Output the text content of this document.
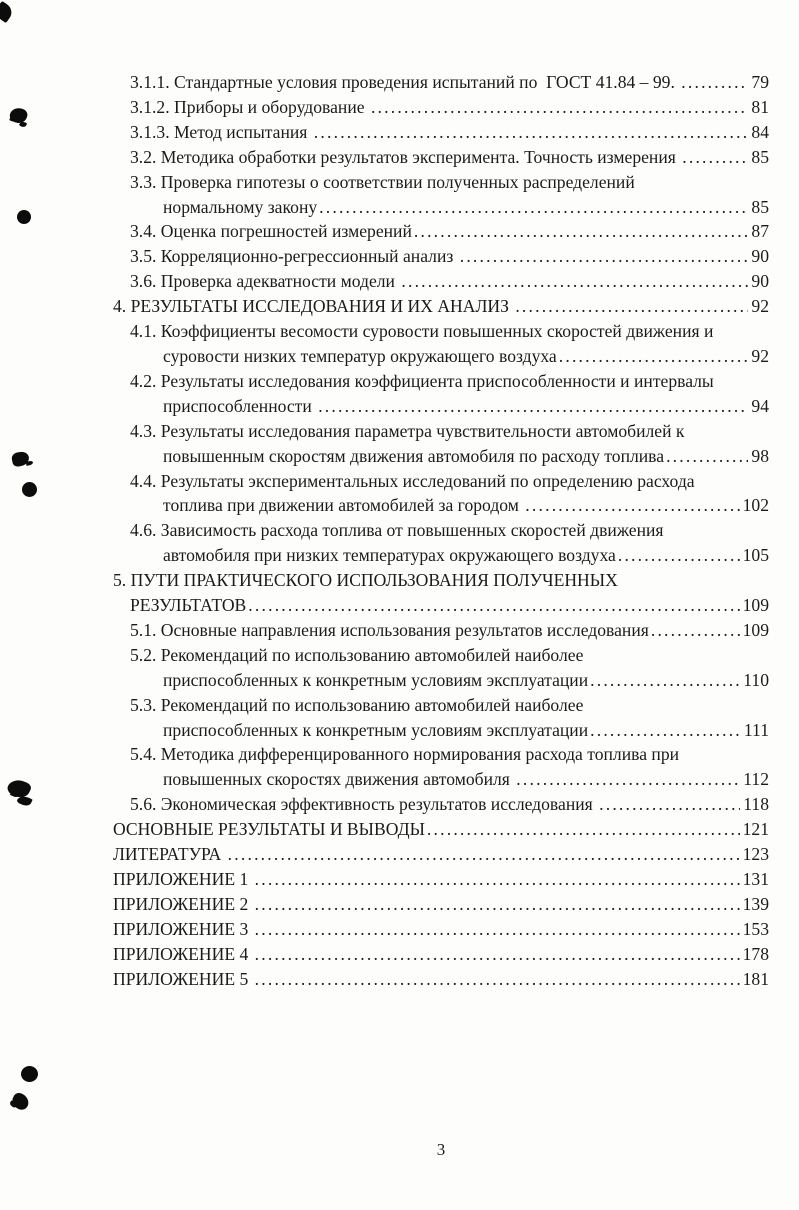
3.1.1. Стандартные условия проведения испытаний по  ГОСТ 41.84 – 99. .....	79
3.1.2. Приборы и оборудование .....	81
3.1.3. Метод испытания .....	84
3.2. Методика обработки результатов эксперимента. Точность измерения .....	85
3.3. Проверка гипотезы о соответствии полученных распределений
нормальному закону .....	85
3.4. Оценка погрешностей измерений .....	87
3.5. Корреляционно-регрессионный анализ .....	90
3.6. Проверка адекватности модели .....	90
4. РЕЗУЛЬТАТЫ ИССЛЕДОВАНИЯ И ИХ АНАЛИЗ .....	92
4.1. Коэффициенты весомости суровости повышенных скоростей движения и
суровости низких температур окружающего воздуха .....	92
4.2. Результаты исследования коэффициента приспособленности и интервалы
приспособленности .....	94
4.3. Результаты исследования параметра чувствительности автомобилей к
повышенным скоростям движения автомобиля по расходу топлива .....	98
4.4. Результаты экспериментальных исследований по определению расхода
топлива при движении автомобилей за городом .....	102
4.6. Зависимость расхода топлива от повышенных скоростей движения
автомобиля при низких температурах окружающего воздуха .....	105
5. ПУТИ ПРАКТИЧЕСКОГО ИСПОЛЬЗОВАНИЯ ПОЛУЧЕННЫХ
РЕЗУЛЬТАТОВ .....	109
5.1. Основные направления использования результатов исследования .....	109
5.2. Рекомендаций по использованию автомобилей наиболее
приспособленных к конкретным условиям эксплуатации .....	110
5.3. Рекомендаций по использованию автомобилей наиболее
приспособленных к конкретным условиям эксплуатации .....	111
5.4. Методика дифференцированного нормирования расхода топлива при
повышенных скоростях движения автомобиля .....	112
5.6. Экономическая эффективность результатов исследования .....	118
ОСНОВНЫЕ РЕЗУЛЬТАТЫ И ВЫВОДЫ .....	121
ЛИТЕРАТУРА .....	123
ПРИЛОЖЕНИЕ 1 .....	131
ПРИЛОЖЕНИЕ 2 .....	139
ПРИЛОЖЕНИЕ 3 .....	153
ПРИЛОЖЕНИЕ 4 .....	178
ПРИЛОЖЕНИЕ 5 .....	181
3
